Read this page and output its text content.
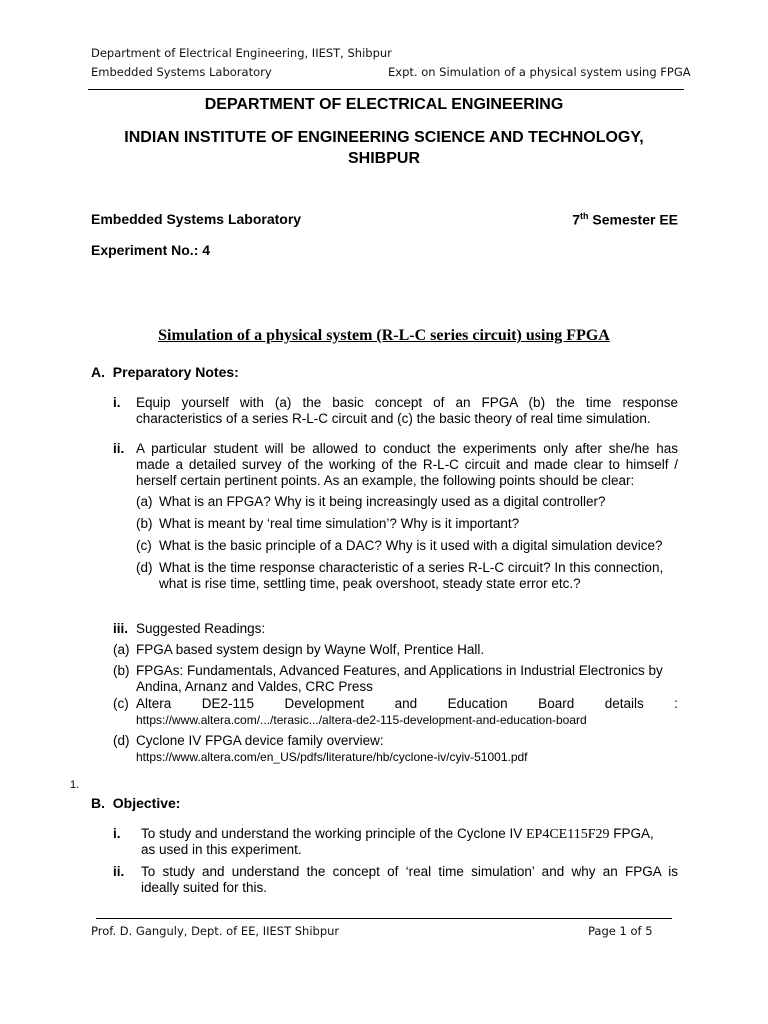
Department of Electrical Engineering, IIEST, Shibpur
Embedded Systems Laboratory	Expt. on Simulation of a physical system using FPGA
DEPARTMENT OF ELECTRICAL ENGINEERING
INDIAN INSTITUTE OF ENGINEERING SCIENCE AND TECHNOLOGY,
SHIBPUR
Embedded Systems Laboratory	7th Semester EE
Experiment No.: 4
Simulation of a physical system (R-L-C series circuit) using FPGA
A.  Preparatory Notes:
i. Equip yourself with (a) the basic concept of an FPGA (b) the time response
characteristics of a series R-L-C circuit and (c) the basic theory of real time simulation.
ii. A particular student will be allowed to conduct the experiments only after she/he has
made a detailed survey of the working of the R-L-C circuit and made clear to himself /
herself certain pertinent points. As an example, the following points should be clear:
(a) What is an FPGA? Why is it being increasingly used as a digital controller?
(b) What is meant by ‘real time simulation’? Why is it important?
(c) What is the basic principle of a DAC? Why is it used with a digital simulation device?
(d) What is the time response characteristic of a series R-L-C circuit? In this connection,
what is rise time, settling time, peak overshoot, steady state error etc.?
iii. Suggested Readings:
(a) FPGA based system design by Wayne Wolf, Prentice Hall.
(b) FPGAs: Fundamentals, Advanced Features, and Applications in Industrial Electronics by
Andina, Arnanz and Valdes, CRC Press
(c) Altera DE2-115 Development and Education Board details :
https://www.altera.com/.../terasic.../altera-de2-115-development-and-education-board
(d) Cyclone IV FPGA device family overview:
https://www.altera.com/en_US/pdfs/literature/hb/cyclone-iv/cyiv-51001.pdf
1.
B.  Objective:
i. To study and understand the working principle of the Cyclone IV EP4CE115F29 FPGA,
as used in this experiment.
ii. To study and understand the concept of ‘real time simulation’ and why an FPGA is
ideally suited for this.
Prof. D. Ganguly, Dept. of EE, IIEST Shibpur	Page 1 of 5
